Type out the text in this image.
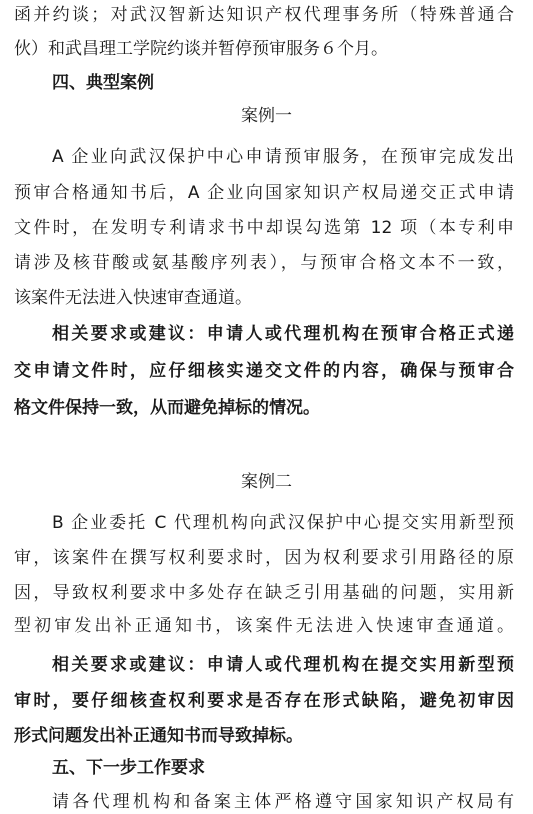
函并约谈；对武汉智新达知识产权代理事务所（特殊普通合
伙）和武昌理工学院约谈并暂停预审服务６个月。
四、典型案例
案例一
A 企业向武汉保护中心申请预审服务，在预审完成发出
预审合格通知书后，A 企业向国家知识产权局递交正式申请
文件时，在发明专利请求书中却误勾选第 12 项（本专利申
请涉及核苷酸或氨基酸序列表），与预审合格文本不一致，
该案件无法进入快速审查通道。
相关要求或建议：申请人或代理机构在预审合格正式递
交申请文件时，应仔细核实递交文件的内容，确保与预审合
格文件保持一致，从而避免掉标的情况。
案例二
B 企业委托 C 代理机构向武汉保护中心提交实用新型预
审，该案件在撰写权利要求时，因为权利要求引用路径的原
因，导致权利要求中多处存在缺乏引用基础的问题，实用新
型初审发出补正通知书，该案件无法进入快速审查通道。
相关要求或建议：申请人或代理机构在提交实用新型预
审时，要仔细核查权利要求是否存在形式缺陷，避免初审因
形式问题发出补正通知书而导致掉标。
五、下一步工作要求
请各代理机构和备案主体严格遵守国家知识产权局有
